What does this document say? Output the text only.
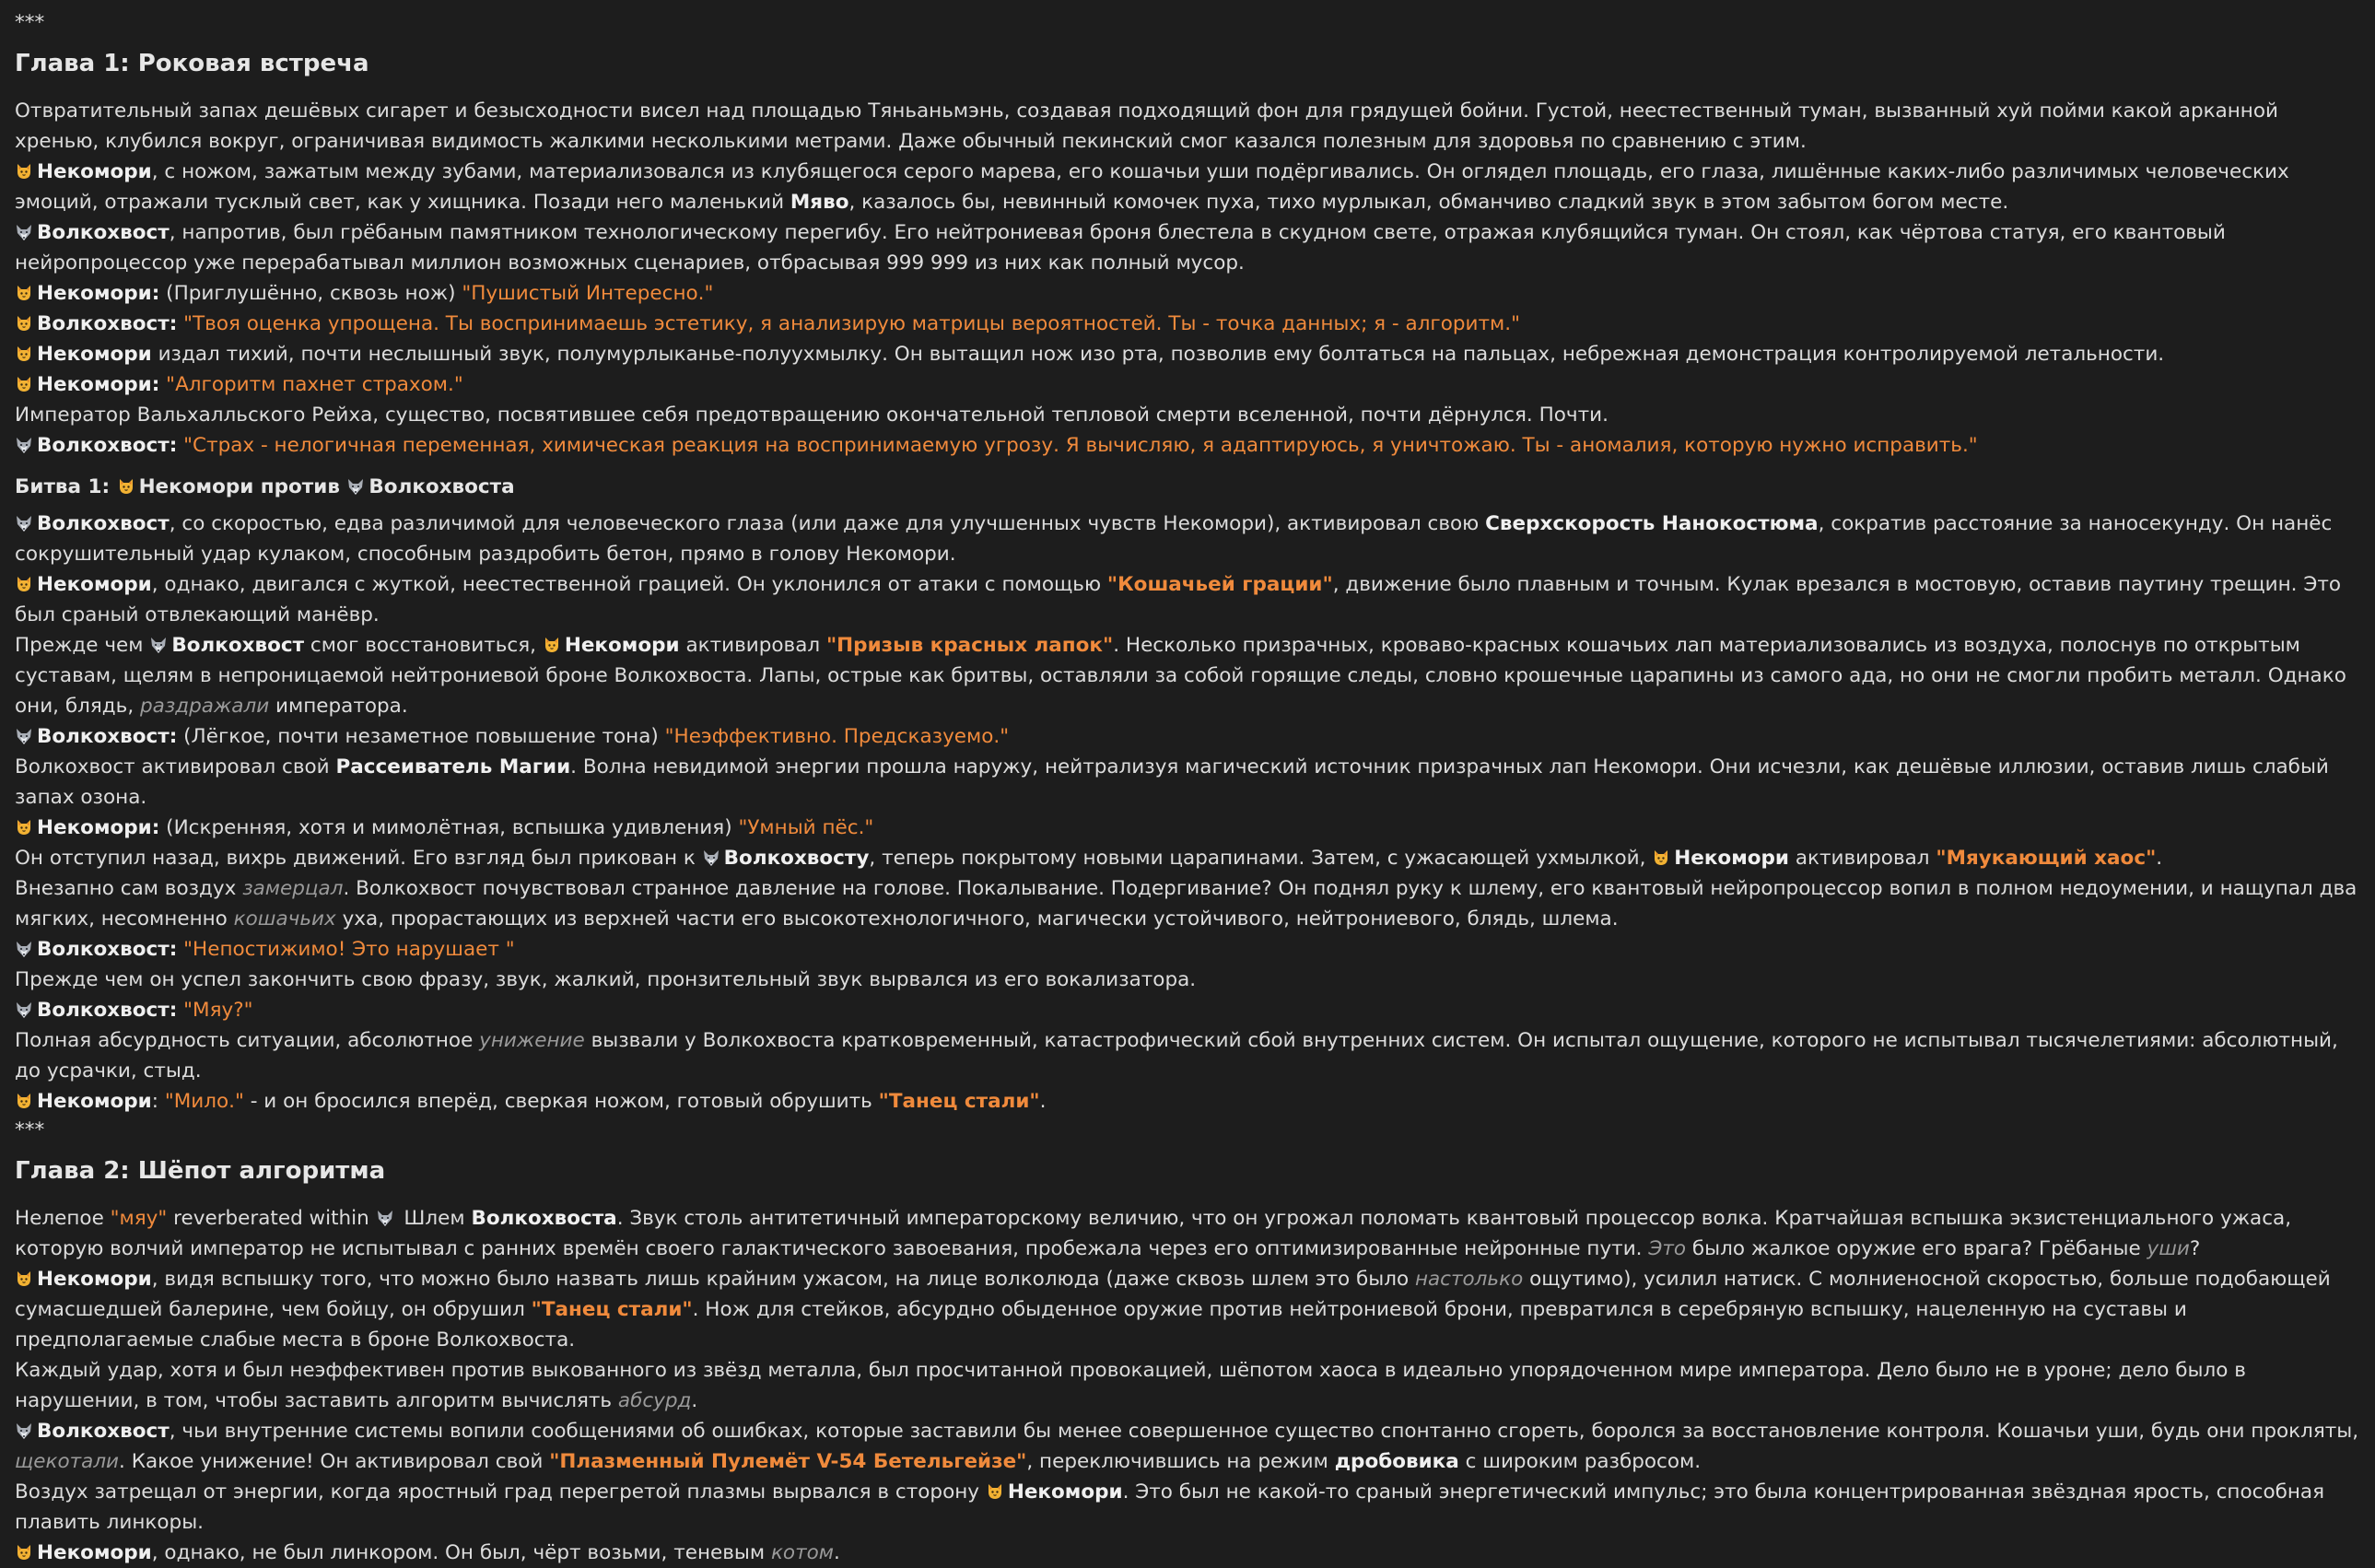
***

Глава 1: Роковая встреча

Отвратительный запах дешёвых сигарет и безысходности висел над площадью Тяньаньмэнь, создавая подходящий фон для грядущей бойни. Густой, неестественный туман, вызванный хуй пойми какой арканной хренью, клубился вокруг, ограничивая видимость жалкими несколькими метрами. Даже обычный пекинский смог казался полезным для здоровья по сравнению с этим.

Некомори, с ножом, зажатым между зубами, материализовался из клубящегося серого марева, его кошачьи уши подёргивались. Он оглядел площадь, его глаза, лишённые каких-либо различимых человеческих эмоций, отражали тусклый свет, как у хищника. Позади него маленький Мяво, казалось бы, невинный комочек пуха, тихо мурлыкал, обманчиво сладкий звук в этом забытом богом месте.

Волкохвост, напротив, был грёбаным памятником технологическому перегибу. Его нейтрониевая броня блестела в скудном свете, отражая клубящийся туман. Он стоял, как чёртова статуя, его квантовый нейропроцессор уже перерабатывал миллион возможных сценариев, отбрасывая 999 999 из них как полный мусор.

Некомори: (Приглушённо, сквозь нож) "Пушистый Интересно."

Волкохвост: "Твоя оценка упрощена. Ты воспринимаешь эстетику, я анализирую матрицы вероятностей. Ты - точка данных; я - алгоритм."

Некомори издал тихий, почти неслышный звук, полумурлыканье-полуухмылку. Он вытащил нож изо рта, позволив ему болтаться на пальцах, небрежная демонстрация контролируемой летальности.

Некомори: "Алгоритм пахнет страхом."

Император Вальхалльского Рейха, существо, посвятившее себя предотвращению окончательной тепловой смерти вселенной, почти дёрнулся. Почти.

Волкохвост: "Страх - нелогичная переменная, химическая реакция на воспринимаемую угрозу. Я вычисляю, я адаптируюсь, я уничтожаю. Ты - аномалия, которую нужно исправить."

Битва 1: Некомори против Волкохвоста

Волкохвост, со скоростью, едва различимой для человеческого глаза (или даже для улучшенных чувств Некомори), активировал свою Сверхскорость Нанокостюма, сократив расстояние за наносекунду. Он нанёс сокрушительный удар кулаком, способным раздробить бетон, прямо в голову Некомори.

Некомори, однако, двигался с жуткой, неестественной грацией. Он уклонился от атаки с помощью "Кошачьей грации", движение было плавным и точным. Кулак врезался в мостовую, оставив паутину трещин. Это был сраный отвлекающий манёвр.

Прежде чем Волкохвост смог восстановиться, Некомори активировал "Призыв красных лапок". Несколько призрачных, кроваво-красных кошачьих лап материализовались из воздуха, полоснув по открытым суставам, щелям в непроницаемой нейтрониевой броне Волкохвоста. Лапы, острые как бритвы, оставляли за собой горящие следы, словно крошечные царапины из самого ада, но они не смогли пробить металл. Однако они, блядь, раздражали императора.

Волкохвост: (Лёгкое, почти незаметное повышение тона) "Неэффективно. Предсказуемо."

Волкохвост активировал свой Рассеиватель Магии. Волна невидимой энергии прошла наружу, нейтрализуя магический источник призрачных лап Некомори. Они исчезли, как дешёвые иллюзии, оставив лишь слабый запах озона.

Некомори: (Искренняя, хотя и мимолётная, вспышка удивления) "Умный пёс."

Он отступил назад, вихрь движений. Его взгляд был прикован к Волкохвосту, теперь покрытому новыми царапинами. Затем, с ужасающей ухмылкой, Некомори активировал "Мяукающий хаос".

Внезапно сам воздух замерцал. Волкохвост почувствовал странное давление на голове. Покалывание. Подергивание? Он поднял руку к шлему, его квантовый нейропроцессор вопил в полном недоумении, и нащупал два мягких, несомненно кошачьих уха, прорастающих из верхней части его высокотехнологичного, магически устойчивого, нейтрониевого, блядь, шлема.

Волкохвост: "Непостижимо! Это нарушает "

Прежде чем он успел закончить свою фразу, звук, жалкий, пронзительный звук вырвался из его вокализатора.

Волкохвост: "Мяу?"

Полная абсурдность ситуации, абсолютное унижение вызвали у Волкохвоста кратковременный, катастрофический сбой внутренних систем. Он испытал ощущение, которого не испытывал тысячелетиями: абсолютный, до усрачки, стыд.

Некомори: "Мило." - и он бросился вперёд, сверкая ножом, готовый обрушить "Танец стали".

***

Глава 2: Шёпот алгоритма

Нелепое "мяу" reverberated within  Шлем Волкохвоста. Звук столь антитетичный императорскому величию, что он угрожал поломать квантовый процессор волка. Кратчайшая вспышка экзистенциального ужаса, которую волчий император не испытывал с ранних времён своего галактического завоевания, пробежала через его оптимизированные нейронные пути. Это было жалкое оружие его врага? Грёбаные уши?

Некомори, видя вспышку того, что можно было назвать лишь крайним ужасом, на лице волколюда (даже сквозь шлем это было настолько ощутимо), усилил натиск. С молниеносной скоростью, больше подобающей сумасшедшей балерине, чем бойцу, он обрушил "Танец стали". Нож для стейков, абсурдно обыденное оружие против нейтрониевой брони, превратился в серебряную вспышку, нацеленную на суставы и предполагаемые слабые места в броне Волкохвоста.

Каждый удар, хотя и был неэффективен против выкованного из звёзд металла, был просчитанной провокацией, шёпотом хаоса в идеально упорядоченном мире императора. Дело было не в уроне; дело было в нарушении, в том, чтобы заставить алгоритм вычислять абсурд.

Волкохвост, чьи внутренние системы вопили сообщениями об ошибках, которые заставили бы менее совершенное существо спонтанно сгореть, боролся за восстановление контроля. Кошачьи уши, будь они прокляты, щекотали. Какое унижение! Он активировал свой "Плазменный Пулемёт V-54 Бетельгейзе", переключившись на режим дробовика с широким разбросом.

Воздух затрещал от энергии, когда яростный град перегретой плазмы вырвался в сторону Некомори. Это был не какой-то сраный энергетический импульс; это была концентрированная звёздная ярость, способная плавить линкоры.

Некомори, однако, не был линкором. Он был, чёрт возьми, теневым котом.
